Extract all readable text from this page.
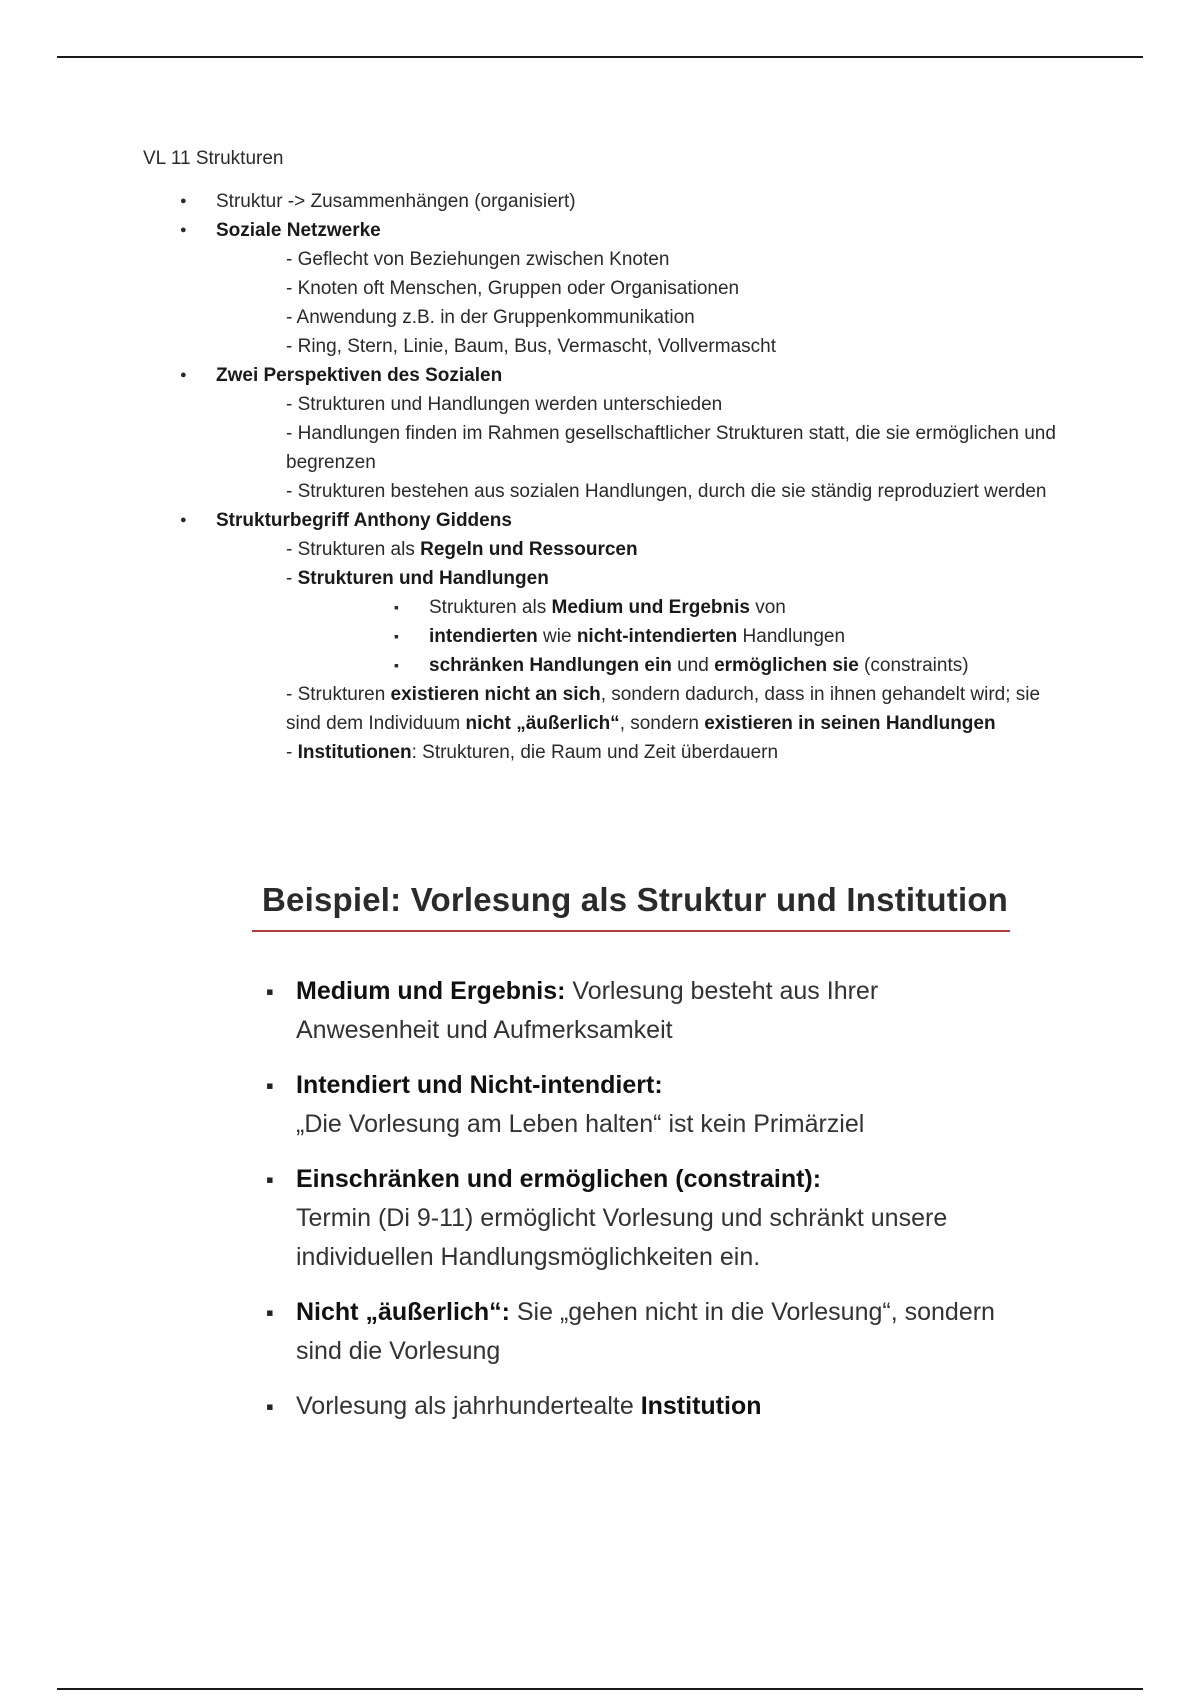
VL 11 Strukturen
● Struktur -> Zusammenhängen (organisiert)
● Soziale Netzwerke
- Geflecht von Beziehungen zwischen Knoten
- Knoten oft Menschen, Gruppen oder Organisationen
- Anwendung z.B. in der Gruppenkommunikation
- Ring, Stern, Linie, Baum, Bus, Vermascht, Vollvermascht
● Zwei Perspektiven des Sozialen
- Strukturen und Handlungen werden unterschieden
- Handlungen finden im Rahmen gesellschaftlicher Strukturen statt, die sie ermöglichen und begrenzen
- Strukturen bestehen aus sozialen Handlungen, durch die sie ständig reproduziert werden
● Strukturbegriff Anthony Giddens
- Strukturen als Regeln und Ressourcen
- Strukturen und Handlungen
▪ Strukturen als Medium und Ergebnis von
▪ intendierten wie nicht-intendierten Handlungen
▪ schränken Handlungen ein und ermöglichen sie (constraints)
- Strukturen existieren nicht an sich, sondern dadurch, dass in ihnen gehandelt wird; sie sind dem Individuum nicht „äußerlich“, sondern existieren in seinen Handlungen
- Institutionen: Strukturen, die Raum und Zeit überdauern
Beispiel: Vorlesung als Struktur und Institution
▪ Medium und Ergebnis: Vorlesung besteht aus Ihrer Anwesenheit und Aufmerksamkeit
▪ Intendiert und Nicht-intendiert:
„Die Vorlesung am Leben halten“ ist kein Primärziel
▪ Einschränken und ermöglichen (constraint):
Termin (Di 9-11) ermöglicht Vorlesung und schränkt unsere individuellen Handlungsmöglichkeiten ein.
▪ Nicht „äußerlich“: Sie „gehen nicht in die Vorlesung“, sondern sind die Vorlesung
▪ Vorlesung als jahrhundertealte Institution
